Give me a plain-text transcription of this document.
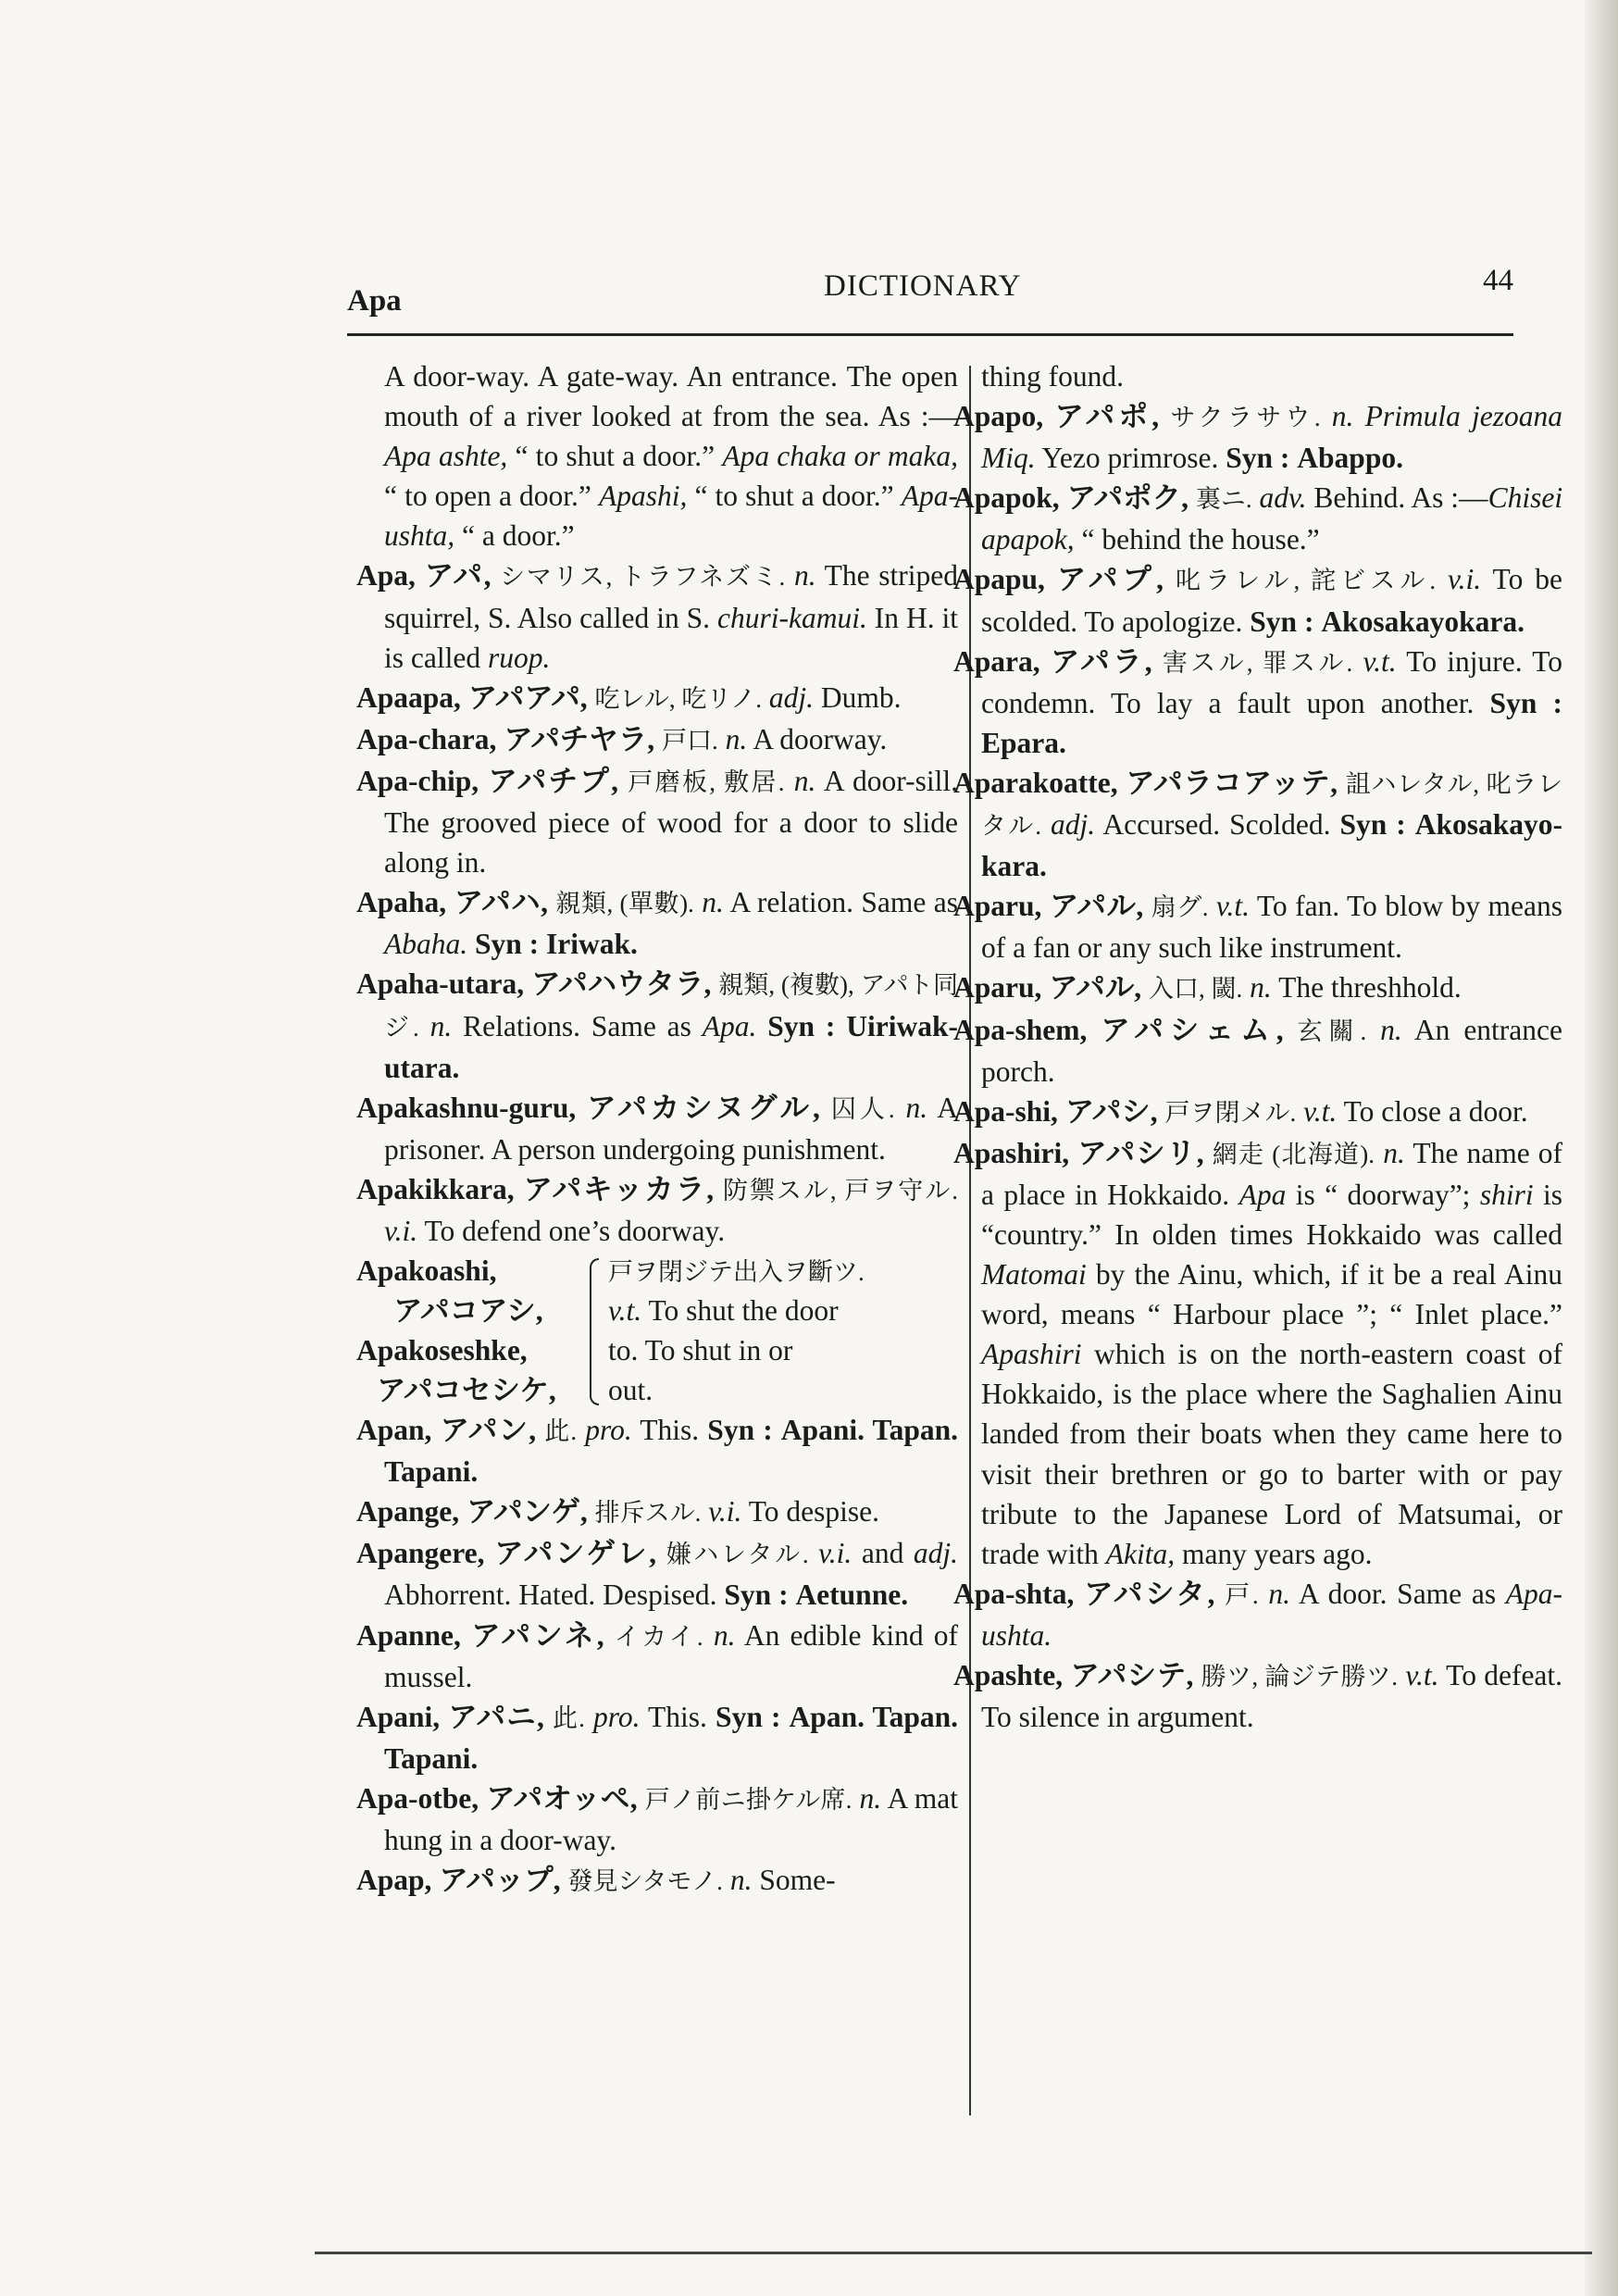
Apa	DICTIONARY	44

A door-way. A gate-way. An entrance. The open mouth of a river looked at from the sea. As :—Apa ashte, “ to shut a door.” Apa chaka or maka, “ to open a door.” Apashi, “ to shut a door.” Apa-ushta, “ a door.”

Apa, アパ, シマリス, トラフネズミ. n. The striped squirrel, S. Also called in S. churi-kamui. In H. it is called ruop.

Apaapa, アパアパ, 吃レル, 吃リノ. adj. Dumb.

Apa-chara, アパチヤラ, 戸口. n. A doorway.

Apa-chip, アパチプ, 戸磨板, 敷居. n. A door-sill. The grooved piece of wood for a door to slide along in.

Apaha, アパハ, 親類, (單數). n. A relation. Same as Abaha. Syn : Iriwak.

Apaha-utara, アパハウタラ, 親類, (複數), アパト同ジ. n. Relations. Same as Apa. Syn : Uiriwak-utara.

Apakashnu-guru, アパカシヌグル, 囚人. n. A prisoner. A person undergoing punishment.

Apakikkara, アパキッカラ, 防禦スル, 戸ヲ守ル. v.i. To defend one’s doorway.

Apakoashi,
アパコアシ,
Apakoseshke,
アパコセシケ,
戸ヲ閉ジテ出入ヲ斷ツ.
v.t. To shut the door
to. To shut in or
out.

Apan, アパン, 此. pro. This. Syn : Apani. Tapan. Tapani.

Apange, アパンゲ, 排斥スル. v.i. To despise.

Apangere, アパンゲレ, 嫌ハレタル. v.i. and adj. Abhorrent. Hated. Despised. Syn : Aetunne.

Apanne, アパンネ, イカイ. n. An edible kind of mussel.

Apani, アパニ, 此. pro. This. Syn : Apan. Tapan. Tapani.

Apa-otbe, アパオッペ, 戸ノ前ニ掛ケル席. n. A mat hung in a door-way.

Apap, アパップ, 發見シタモノ. n. Some-

thing found.

Apapo, アパポ, サクラサウ. n. Primula jezoana Miq. Yezo primrose. Syn : Abappo.

Apapok, アパポク, 裏ニ. adv. Behind. As :—Chisei apapok, “ behind the house.”

Apapu, アパプ, 叱ラレル, 詫ビスル. v.i. To be scolded. To apologize. Syn : Akosakayokara.

Apara, アパラ, 害スル, 罪スル. v.t. To injure. To condemn. To lay a fault upon another. Syn : Epara.

Aparakoatte, アパラコアッテ, 詛ハレタル, 叱ラレタル. adj. Accursed. Scolded. Syn : Akosakayo-kara.

Aparu, アパル, 扇グ. v.t. To fan. To blow by means of a fan or any such like instrument.

Aparu, アパル, 入口, 閾. n. The threshhold.

Apa-shem, アパシェム, 玄關. n. An entrance porch.

Apa-shi, アパシ, 戸ヲ閉メル. v.t. To close a door.

Apashiri, アパシリ, 網走 (北海道). n. The name of a place in Hokkaido. Apa is “ doorway”; shiri is “country.” In olden times Hokkaido was called Matomai by the Ainu, which, if it be a real Ainu word, means “ Harbour place ”; “ Inlet place.” Apashiri which is on the north-eastern coast of Hokkaido, is the place where the Saghalien Ainu landed from their boats when they came here to visit their brethren or go to barter with or pay tribute to the Japanese Lord of Matsumai, or trade with Akita, many years ago.

Apa-shta, アパシタ, 戸. n. A door. Same as Apa-ushta.

Apashte, アパシテ, 勝ツ, 論ジテ勝ツ. v.t. To defeat. To silence in argument.
